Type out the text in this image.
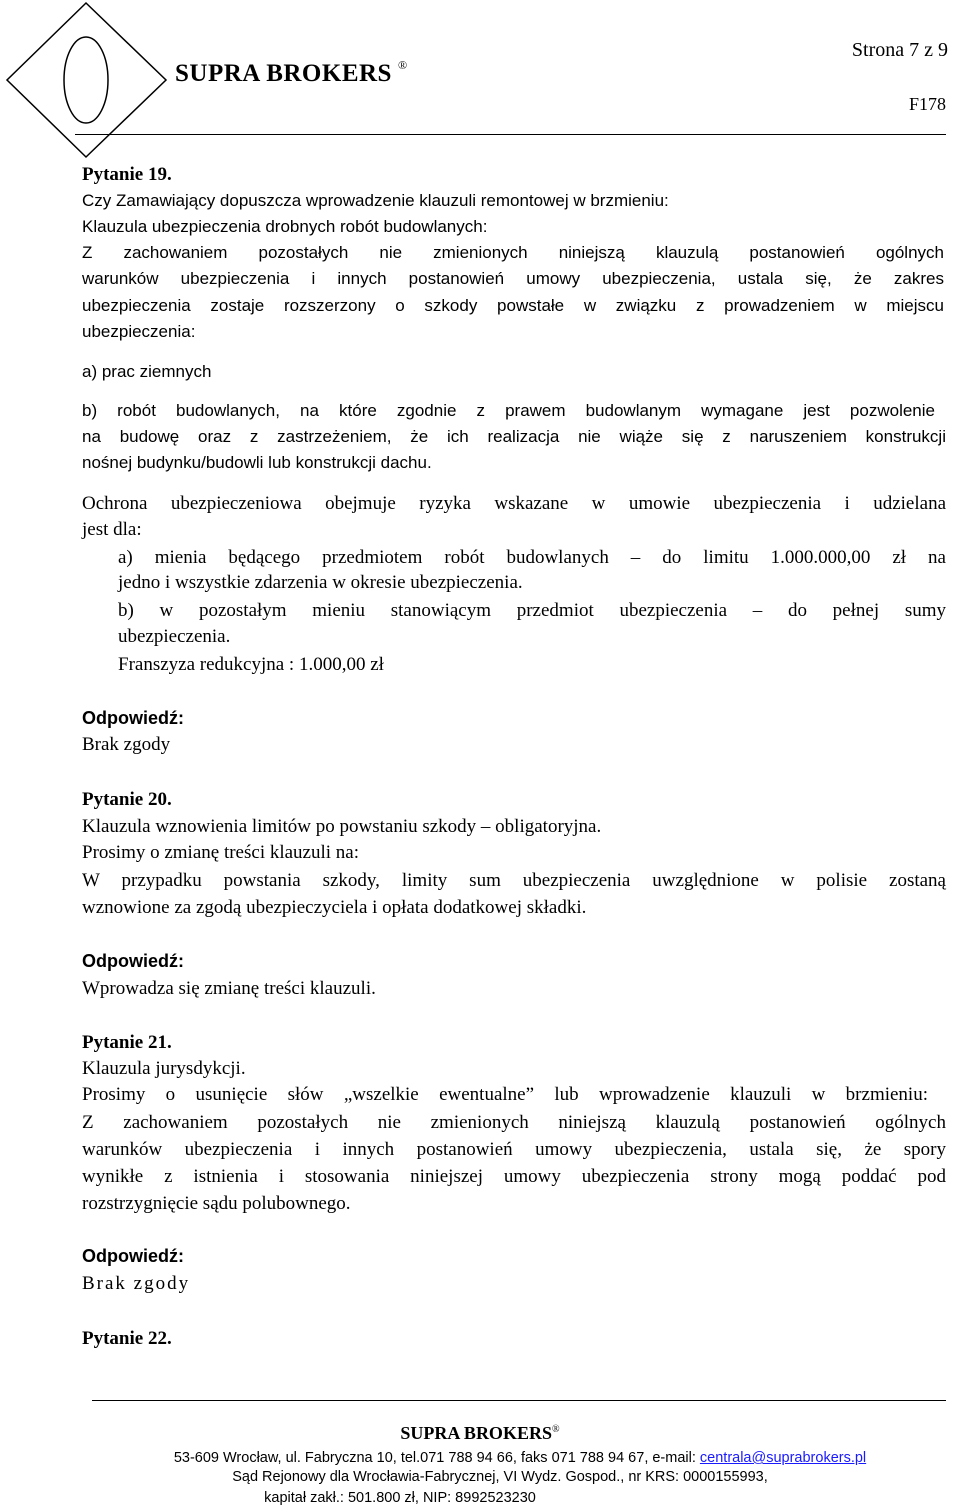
SUPRA BROKERS ®
Strona 7 z 9
F178
Pytanie 19.
Czy Zamawiający dopuszcza wprowadzenie klauzuli remontowej w brzmieniu:
Klauzula ubezpieczenia drobnych robót budowlanych:
Z zachowaniem pozostałych nie zmienionych niniejszą klauzulą postanowień ogólnych
warunków ubezpieczenia i innych postanowień umowy ubezpieczenia, ustala się, że zakres
ubezpieczenia zostaje rozszerzony o szkody powstałe w związku z prowadzeniem w miejscu
ubezpieczenia:
a) prac ziemnych
b) robót budowlanych, na które zgodnie z prawem budowlanym wymagane jest pozwolenie
na budowę oraz z zastrzeżeniem, że ich realizacja nie wiąże się z naruszeniem konstrukcji
nośnej budynku/budowli lub konstrukcji dachu.
Ochrona ubezpieczeniowa obejmuje ryzyka wskazane w umowie ubezpieczenia i udzielana
jest dla:
a) mienia będącego przedmiotem robót budowlanych – do limitu 1.000.000,00 zł na
jedno i wszystkie zdarzenia w okresie ubezpieczenia.
b) w pozostałym mieniu stanowiącym przedmiot ubezpieczenia – do pełnej sumy
ubezpieczenia.
Franszyza redukcyjna : 1.000,00 zł
Odpowiedź:
Brak zgody
Pytanie 20.
Klauzula wznowienia limitów po powstaniu szkody – obligatoryjna.
Prosimy o zmianę treści klauzuli na:
W przypadku powstania szkody, limity sum ubezpieczenia uwzględnione w polisie zostaną
wznowione za zgodą ubezpieczyciela i opłata dodatkowej składki.
Odpowiedź:
Wprowadza się zmianę treści klauzuli.
Pytanie 21.
Klauzula jurysdykcji.
Prosimy o usunięcie słów „wszelkie ewentualne” lub wprowadzenie klauzuli w brzmieniu:
Z zachowaniem pozostałych nie zmienionych niniejszą klauzulą postanowień ogólnych
warunków ubezpieczenia i innych postanowień umowy ubezpieczenia, ustala się, że spory
wynikłe z istnienia i stosowania niniejszej umowy ubezpieczenia strony mogą poddać pod
rozstrzygnięcie sądu polubownego.
Odpowiedź:
Brak zgody
Pytanie 22.
SUPRA BROKERS®
53-609 Wrocław, ul. Fabryczna 10, tel.071 788 94 66, faks 071 788 94 67, e-mail: centrala@suprabrokers.pl
Sąd Rejonowy dla Wrocławia-Fabrycznej, VI Wydz. Gospod., nr KRS: 0000155993,
kapitał zakł.: 501.800 zł, NIP: 8992523230
